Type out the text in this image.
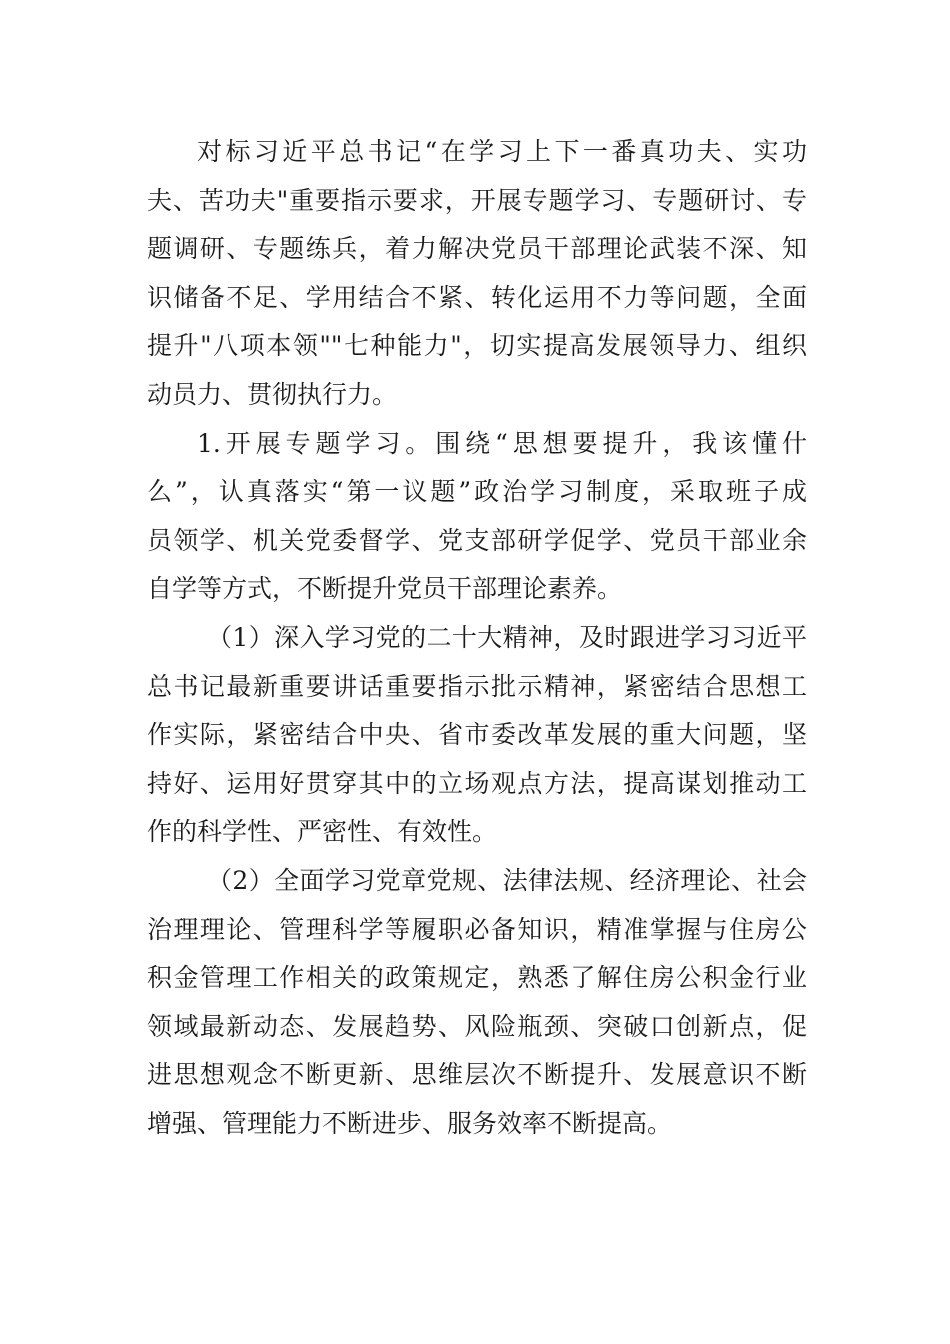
对标习近平总书记“在学习上下一番真功夫、实功
夫、苦功夫"重要指示要求，开展专题学习、专题研讨、专
题调研、专题练兵，着力解决党员干部理论武装不深、知
识储备不足、学用结合不紧、转化运用不力等问题，全面
提升"八项本领""七种能力"，切实提高发展领导力、组织
动员力、贯彻执行力。
1.开展专题学习。围绕“思想要提升，我该懂什
么”，认真落实“第一议题”政治学习制度，采取班子成
员领学、机关党委督学、党支部研学促学、党员干部业余
自学等方式，不断提升党员干部理论素养。
（1）深入学习党的二十大精神，及时跟进学习习近平
总书记最新重要讲话重要指示批示精神，紧密结合思想工
作实际，紧密结合中央、省市委改革发展的重大问题，坚
持好、运用好贯穿其中的立场观点方法，提高谋划推动工
作的科学性、严密性、有效性。
（2）全面学习党章党规、法律法规、经济理论、社会
治理理论、管理科学等履职必备知识，精准掌握与住房公
积金管理工作相关的政策规定，熟悉了解住房公积金行业
领域最新动态、发展趋势、风险瓶颈、突破口创新点，促
进思想观念不断更新、思维层次不断提升、发展意识不断
增强、管理能力不断进步、服务效率不断提高。
